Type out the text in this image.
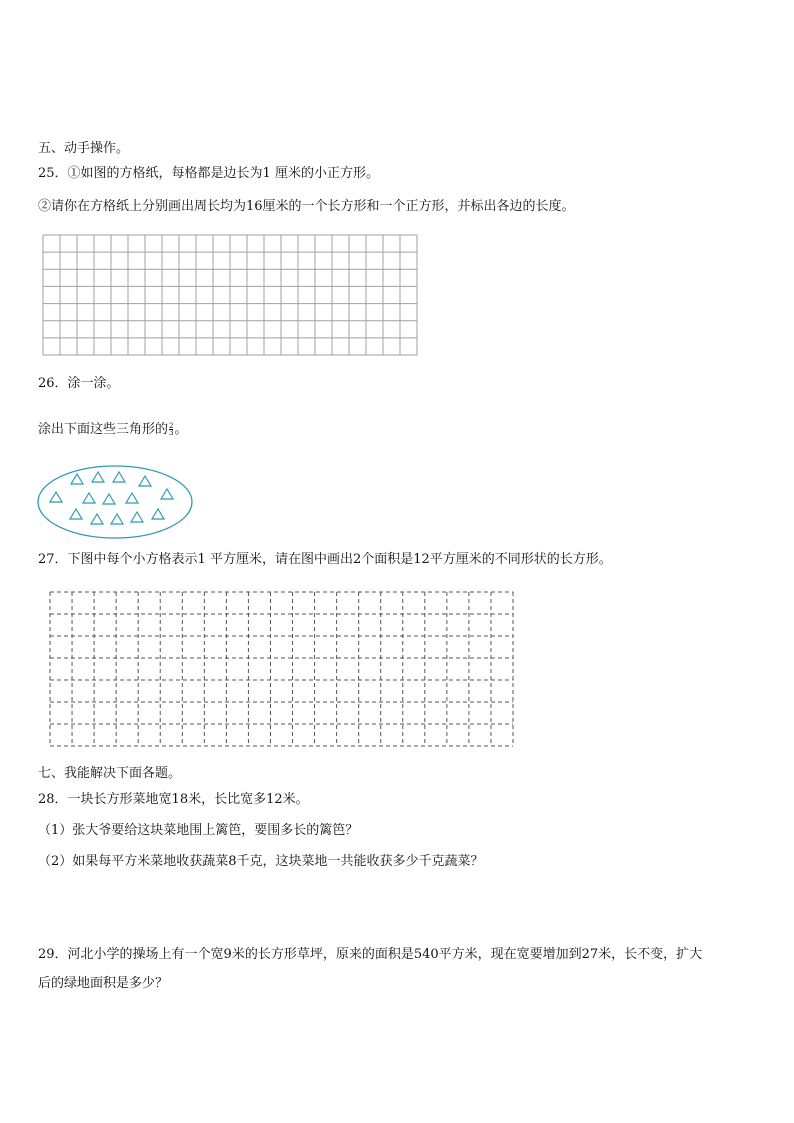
五、动手操作。
25．①如图的方格纸，每格都是边长为1 厘米的小正方形。
②请你在方格纸上分别画出周长均为16厘米的一个长方形和一个正方形，并标出各边的长度。
26．涂一涂。
涂出下面这些三角形的 $\frac{2}{3}$ 。
27．下图中每个小方格表示1 平方厘米，请在图中画出2个面积是12平方厘米的不同形状的长方形。
七、我能解决下面各题。
28．一块长方形菜地宽18米，长比宽多12米。
（1）张大爷要给这块菜地围上篱笆，要围多长的篱笆？
（2）如果每平方米菜地收获蔬菜8千克，这块菜地一共能收获多少千克蔬菜？
29．河北小学的操场上有一个宽9米的长方形草坪，原来的面积是540平方米，现在宽要增加到27米，长不变，扩大
后的绿地面积是多少？
